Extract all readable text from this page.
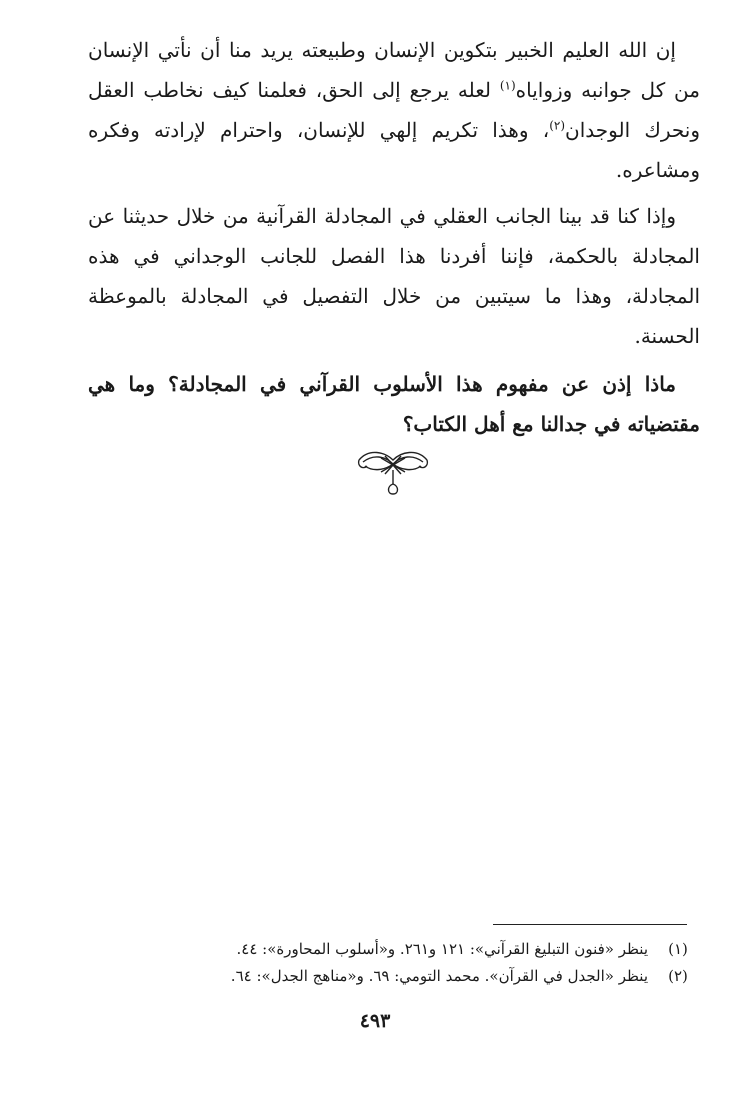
إن الله العليم الخبير بتكوين الإنسان وطبيعته يريد منا أن نأتي الإنسان من كل جوانبه وزواياه$^{(١)}$ لعله يرجع إلى الحق، فعلمنا كيف نخاطب العقل ونحرك الوجدان$^{(٢)}$، وهذا تكريم إلهي للإنسان، واحترام لإرادته وفكره ومشاعره.

وإذا كنا قد بينا الجانب العقلي في المجادلة القرآنية من خلال حديثنا عن المجادلة بالحكمة، فإننا أفردنا هذا الفصل للجانب الوجداني في هذه المجادلة، وهذا ما سيتبين من خلال التفصيل في المجادلة بالموعظة الحسنة.

ماذا إذن عن مفهوم هذا الأسلوب القرآني في المجادلة؟ وما هي مقتضياته في جدالنا مع أهل الكتاب؟

(١)
ينظر «فنون التبليغ القرآني»: ١٢١ و٢٦١. و«أسلوب المحاورة»: ٤٤.
(٢)
ينظر «الجدل في القرآن». محمد التومي: ٦٩. و«مناهج الجدل»: ٦٤.
٤٩٣
